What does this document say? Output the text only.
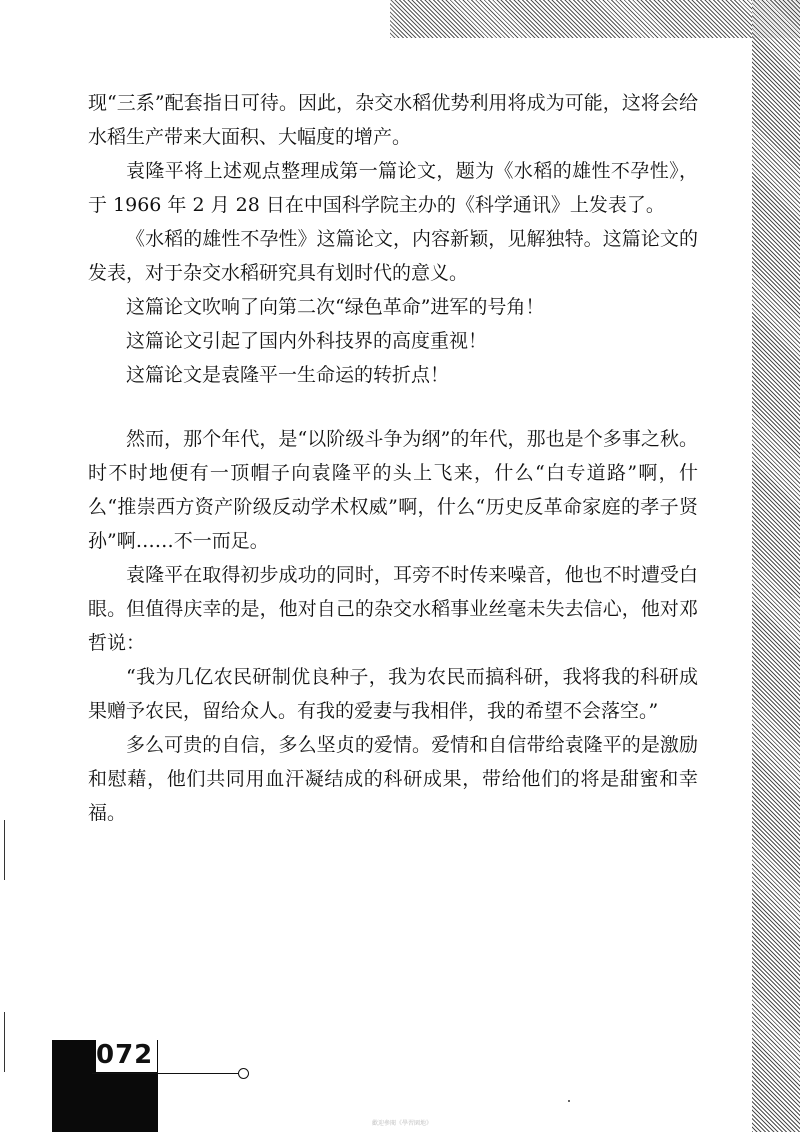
现“三系”配套指日可待。因此，杂交水稻优势利用将成为可能，这将会给水稻生产带来大面积、大幅度的增产。

袁隆平将上述观点整理成第一篇论文，题为《水稻的雄性不孕性》，于 1966 年 2 月 28 日在中国科学院主办的《科学通讯》上发表了。

《水稻的雄性不孕性》这篇论文，内容新颖，见解独特。这篇论文的发表，对于杂交水稻研究具有划时代的意义。

这篇论文吹响了向第二次“绿色革命”进军的号角！

这篇论文引起了国内外科技界的高度重视！

这篇论文是袁隆平一生命运的转折点！

然而，那个年代，是“以阶级斗争为纲”的年代，那也是个多事之秋。时不时地便有一顶帽子向袁隆平的头上飞来，什么“白专道路”啊，什么“推崇西方资产阶级反动学术权威”啊，什么“历史反革命家庭的孝子贤孙”啊……不一而足。

袁隆平在取得初步成功的同时，耳旁不时传来噪音，他也不时遭受白眼。但值得庆幸的是，他对自己的杂交水稻事业丝毫未失去信心，他对邓哲说：

“我为几亿农民研制优良种子，我为农民而搞科研，我将我的科研成果赠予农民，留给众人。有我的爱妻与我相伴，我的希望不会落空。”

多么可贵的自信，多么坚贞的爱情。爱情和自信带给袁隆平的是激励和慰藉，他们共同用血汗凝结成的科研成果，带给他们的将是甜蜜和幸福。

072
歡迎參閱《學習園地》
